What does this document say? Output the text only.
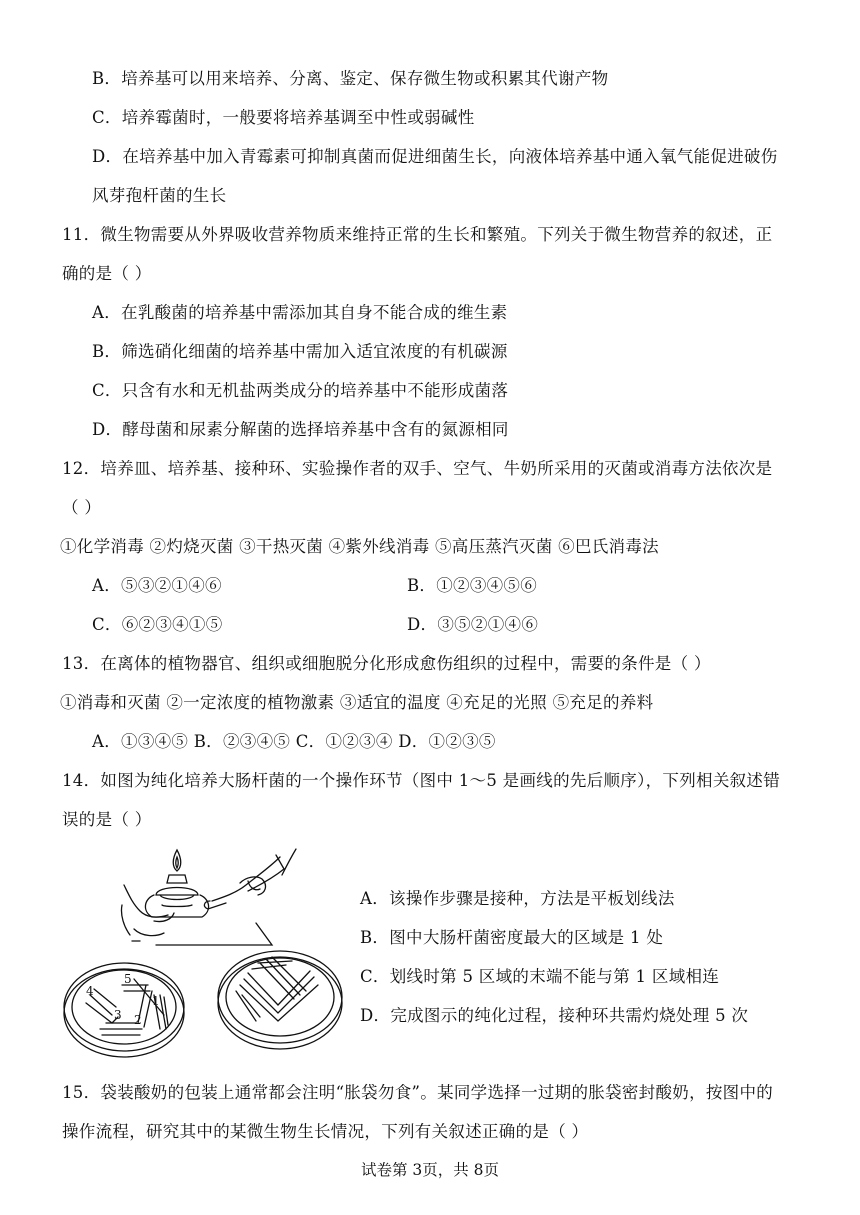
B．培养基可以用来培养、分离、鉴定、保存微生物或积累其代谢产物
C．培养霉菌时，一般要将培养基调至中性或弱碱性
D．在培养基中加入青霉素可抑制真菌而促进细菌生长，向液体培养基中通入氧气能促进破伤
风芽孢杆菌的生长
11．微生物需要从外界吸收营养物质来维持正常的生长和繁殖。下列关于微生物营养的叙述，正
确的是（ ）
A．在乳酸菌的培养基中需添加其自身不能合成的维生素
B．筛选硝化细菌的培养基中需加入适宜浓度的有机碳源
C．只含有水和无机盐两类成分的培养基中不能形成菌落
D．酵母菌和尿素分解菌的选择培养基中含有的氮源相同
12．培养皿、培养基、接种环、实验操作者的双手、空气、牛奶所采用的灭菌或消毒方法依次是
（ ）
①化学消毒 ②灼烧灭菌 ③干热灭菌 ④紫外线消毒 ⑤高压蒸汽灭菌 ⑥巴氏消毒法
A．⑤③②①④⑥	B．①②③④⑤⑥
C．⑥②③④①⑤	D．③⑤②①④⑥
13．在离体的植物器官、组织或细胞脱分化形成愈伤组织的过程中，需要的条件是（ ）
①消毒和灭菌 ②一定浓度的植物激素 ③适宜的温度 ④充足的光照 ⑤充足的养料
A．①③④⑤ B．②③④⑤ C．①②③④ D．①②③⑤
14．如图为纯化培养大肠杆菌的一个操作环节（图中 1～5 是画线的先后顺序），下列相关叙述错
误的是（ ）
1
2
3
4
5
A．该操作步骤是接种，方法是平板划线法
B．图中大肠杆菌密度最大的区域是 1 处
C．划线时第 5 区域的末端不能与第 1 区域相连
D．完成图示的纯化过程，接种环共需灼烧处理 5 次
15．袋装酸奶的包装上通常都会注明“胀袋勿食”。某同学选择一过期的胀袋密封酸奶，按图中的
操作流程，研究其中的某微生物生长情况，下列有关叙述正确的是（ ）
试卷第 3页，共 8页
